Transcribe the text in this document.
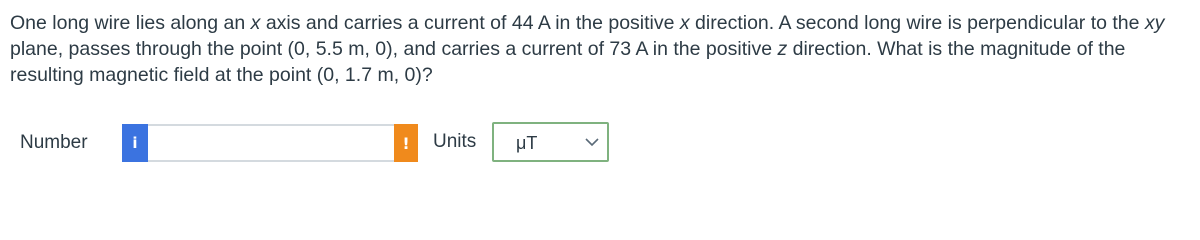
One long wire lies along an x axis and carries a current of 44 A in the positive x direction. A second long wire is perpendicular to the xy plane, passes through the point (0, 5.5 m, 0), and carries a current of 73 A in the positive z direction. What is the magnitude of the resulting magnetic field at the point (0, 1.7 m, 0)?

Number	i	! Units μT
